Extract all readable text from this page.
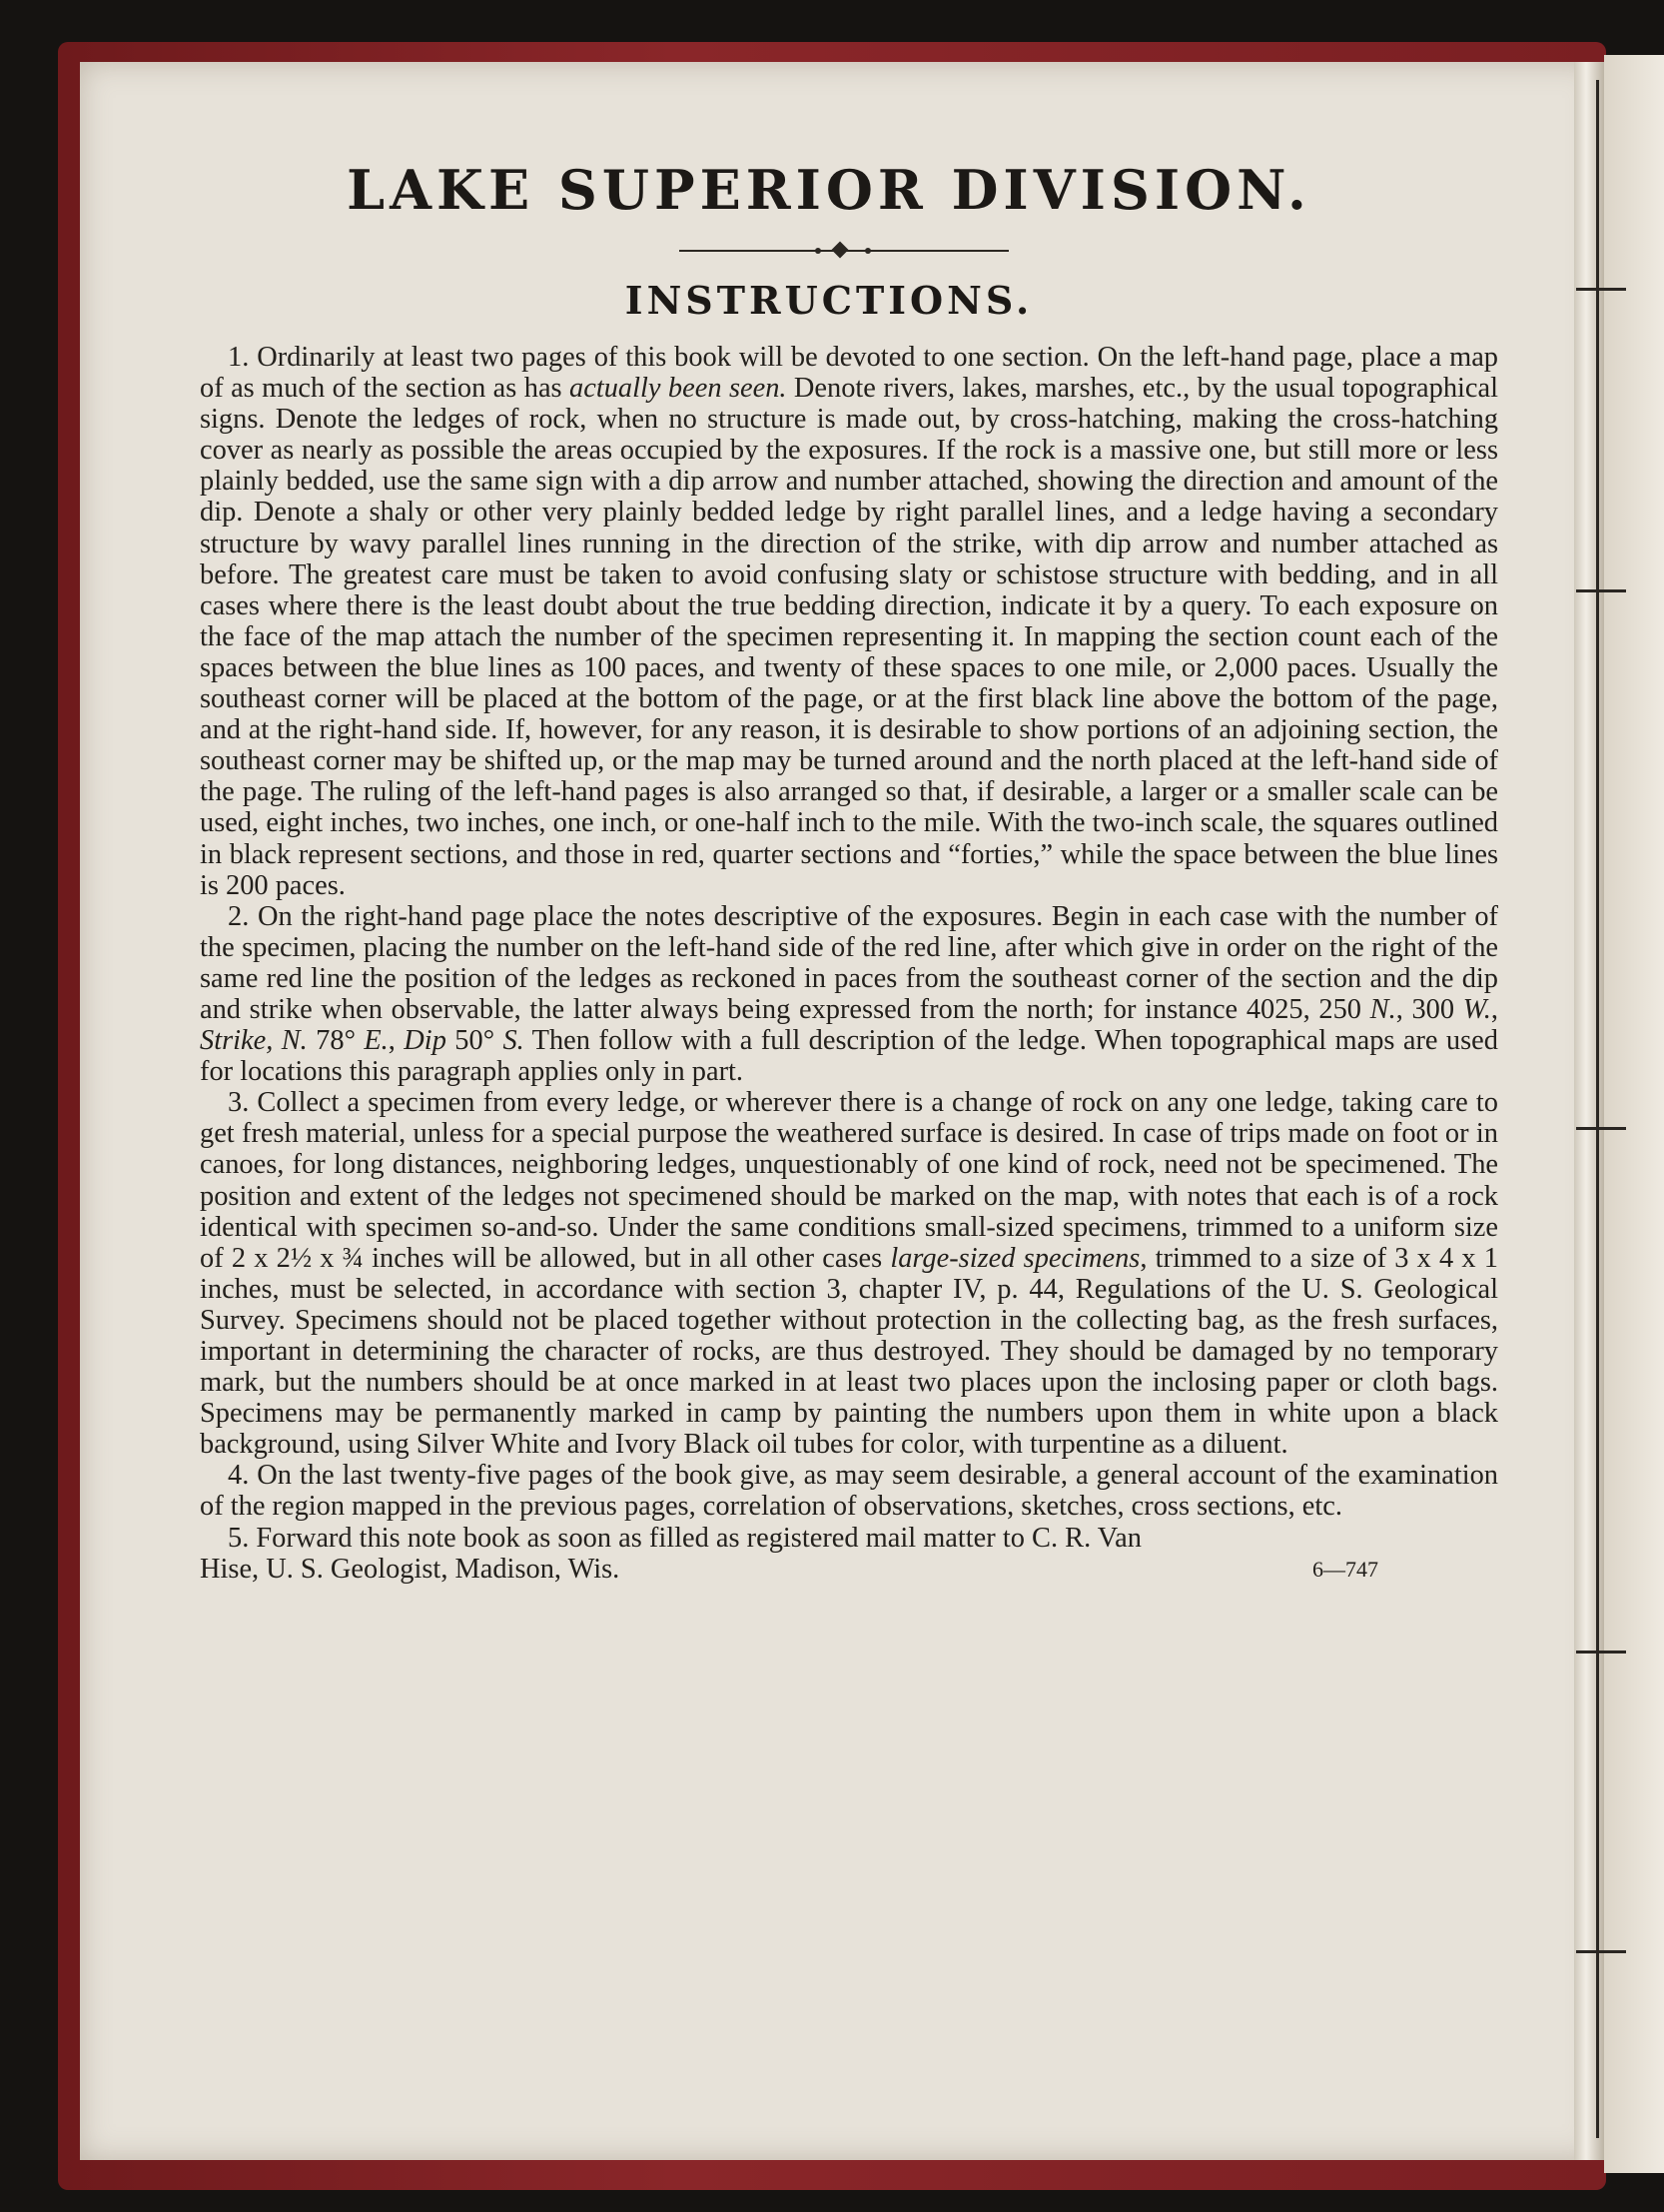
LAKE SUPERIOR DIVISION.
INSTRUCTIONS.

1. Ordinarily at least two pages of this book will be devoted to one section. On the left-hand page, place a map of as much of the section as has actually been seen. Denote rivers, lakes, marshes, etc., by the usual topographical signs. Denote the ledges of rock, when no structure is made out, by cross-hatching, making the cross-hatching cover as nearly as possible the areas occupied by the exposures. If the rock is a massive one, but still more or less plainly bedded, use the same sign with a dip arrow and number attached, showing the direction and amount of the dip. Denote a shaly or other very plainly bedded ledge by right parallel lines, and a ledge having a secondary structure by wavy parallel lines running in the direction of the strike, with dip arrow and number attached as before. The greatest care must be taken to avoid confusing slaty or schistose structure with bedding, and in all cases where there is the least doubt about the true bedding direction, indicate it by a query. To each exposure on the face of the map attach the number of the specimen representing it. In mapping the section count each of the spaces between the blue lines as 100 paces, and twenty of these spaces to one mile, or 2,000 paces. Usually the southeast corner will be placed at the bottom of the page, or at the first black line above the bottom of the page, and at the right-hand side. If, however, for any reason, it is desirable to show portions of an adjoining section, the southeast corner may be shifted up, or the map may be turned around and the north placed at the left-hand side of the page. The ruling of the left-hand pages is also arranged so that, if desirable, a larger or a smaller scale can be used, eight inches, two inches, one inch, or one-half inch to the mile. With the two-inch scale, the squares outlined in black represent sections, and those in red, quarter sections and “forties,” while the space between the blue lines is 200 paces.

2. On the right-hand page place the notes descriptive of the exposures. Begin in each case with the number of the specimen, placing the number on the left-hand side of the red line, after which give in order on the right of the same red line the position of the ledges as reckoned in paces from the southeast corner of the section and the dip and strike when observable, the latter always being expressed from the north; for instance 4025, 250 N., 300 W., Strike, N. 78° E., Dip 50° S. Then follow with a full description of the ledge. When topographical maps are used for locations this paragraph applies only in part.

3. Collect a specimen from every ledge, or wherever there is a change of rock on any one ledge, taking care to get fresh material, unless for a special purpose the weathered surface is desired. In case of trips made on foot or in canoes, for long distances, neighboring ledges, unquestionably of one kind of rock, need not be specimened. The position and extent of the ledges not specimened should be marked on the map, with notes that each is of a rock identical with specimen so-and-so. Under the same conditions small-sized specimens, trimmed to a uniform size of 2 x 2½ x ¾ inches will be allowed, but in all other cases large-sized specimens, trimmed to a size of 3 x 4 x 1 inches, must be selected, in accordance with section 3, chapter IV, p. 44, Regulations of the U. S. Geological Survey. Specimens should not be placed together without protection in the collecting bag, as the fresh surfaces, important in determining the character of rocks, are thus destroyed. They should be damaged by no temporary mark, but the numbers should be at once marked in at least two places upon the inclosing paper or cloth bags. Specimens may be permanently marked in camp by painting the numbers upon them in white upon a black background, using Silver White and Ivory Black oil tubes for color, with turpentine as a diluent.

4. On the last twenty-five pages of the book give, as may seem desirable, a general account of the examination of the region mapped in the previous pages, correlation of observations, sketches, cross sections, etc.

5. Forward this note book as soon as filled as registered mail matter to C. R. Van

Hise, U. S. Geologist, Madison, Wis.	6—747
